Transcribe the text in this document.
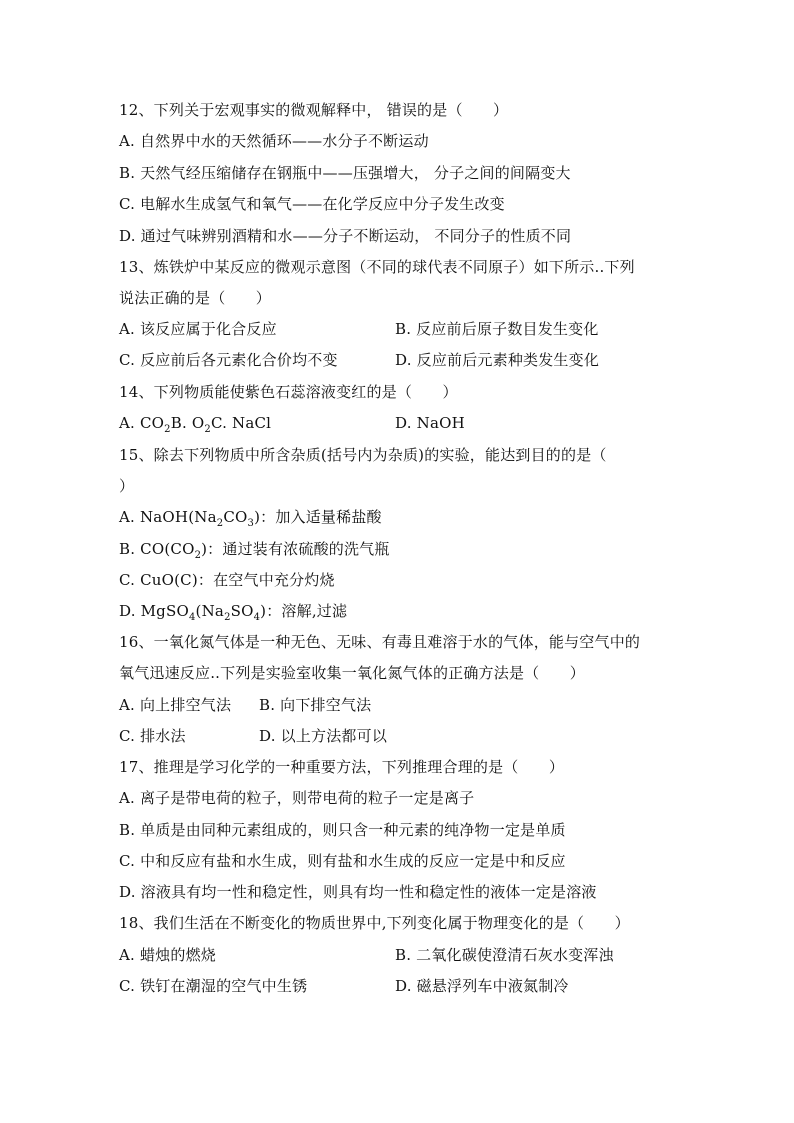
12、下列关于宏观事实的微观解释中， 错误的是（　　）
A. 自然界中水的天然循环——水分子不断运动
B. 天然气经压缩储存在钢瓶中——压强增大， 分子之间的间隔变大
C. 电解水生成氢气和氧气——在化学反应中分子发生改变
D. 通过气味辨别酒精和水——分子不断运动， 不同分子的性质不同
13、炼铁炉中某反应的微观示意图（不同的球代表不同原子）如下所示..下列
说法正确的是（　　）
A. 该反应属于化合反应	B. 反应前后原子数目发生变化
C. 反应前后各元素化合价均不变	D. 反应前后元素种类发生变化
14、下列物质能使紫色石蕊溶液变红的是（　　）
A. $CO_2B$. $O_2C$. NaCl	D. NaOH
15、除去下列物质中所含杂质(括号内为杂质)的实验，能达到目的的是（
）
A. $NaOH(Na_2CO_3)$：加入适量稀盐酸
B. $CO(CO_2)$：通过装有浓硫酸的洗气瓶
C. CuO(C)：在空气中充分灼烧
D. $MgSO_4(Na_2SO_4)$：溶解,过滤
16、一氧化氮气体是一种无色、无味、有毒且难溶于水的气体，能与空气中的
氧气迅速反应..下列是实验室收集一氧化氮气体的正确方法是（　　）
A. 向上排空气法 B. 向下排空气法
C. 排水法	D. 以上方法都可以
17、推理是学习化学的一种重要方法，下列推理合理的是（　　）
A. 离子是带电荷的粒子，则带电荷的粒子一定是离子
B. 单质是由同种元素组成的，则只含一种元素的纯净物一定是单质
C. 中和反应有盐和水生成，则有盐和水生成的反应一定是中和反应
D. 溶液具有均一性和稳定性，则具有均一性和稳定性的液体一定是溶液
18、我们生活在不断变化的物质世界中,下列变化属于物理变化的是（　　）
A. 蜡烛的燃烧	B. 二氧化碳使澄清石灰水变浑浊
C. 铁钉在潮湿的空气中生锈	D. 磁悬浮列车中液氮制冷
